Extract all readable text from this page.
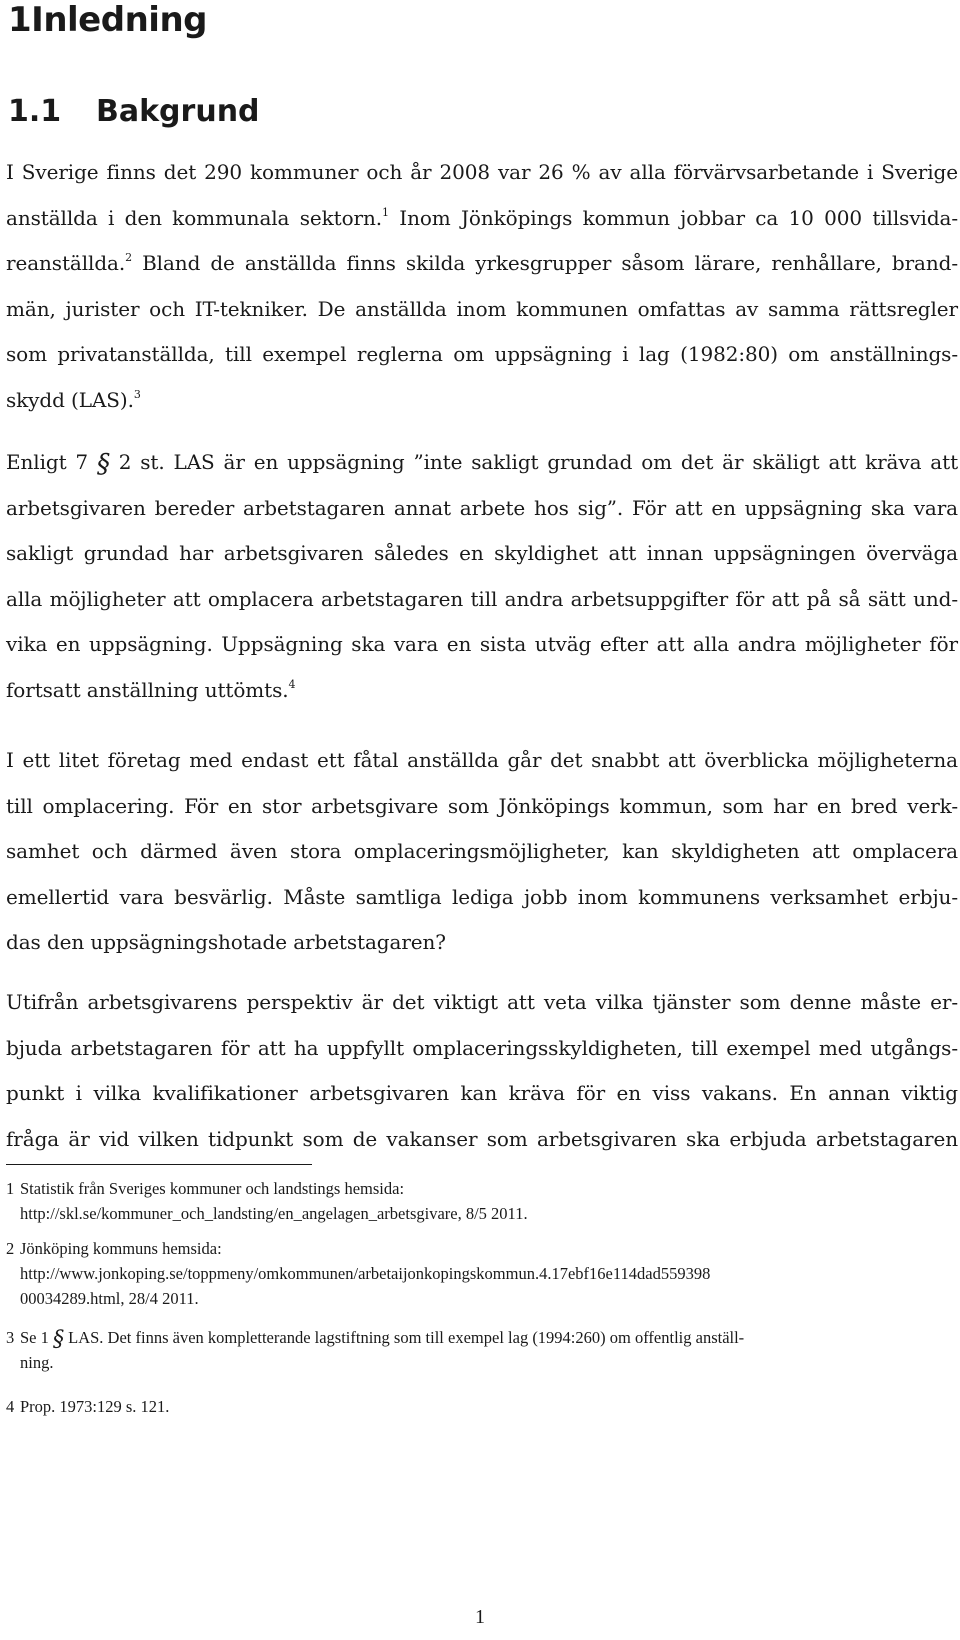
1Inledning
1.1 Bakgrund
I Sverige finns det 290 kommuner och år 2008 var 26 % av alla förvärvsarbetande i Sverige
anställda i den kommunala sektorn.$^1$ Inom Jönköpings kommun jobbar ca 10 000 tillsvida-
reanställda.$^2$ Bland de anställda finns skilda yrkesgrupper såsom lärare, renhållare, brand-
män, jurister och IT-tekniker. De anställda inom kommunen omfattas av samma rättsregler
som privatanställda, till exempel reglerna om uppsägning i lag (1982:80) om anställnings-
skydd (LAS).$^3$
Enligt 7 § 2 st. LAS är en uppsägning ”inte sakligt grundad om det är skäligt att kräva att
arbetsgivaren bereder arbetstagaren annat arbete hos sig”. För att en uppsägning ska vara
sakligt grundad har arbetsgivaren således en skyldighet att innan uppsägningen överväga
alla möjligheter att omplacera arbetstagaren till andra arbetsuppgifter för att på så sätt und-
vika en uppsägning. Uppsägning ska vara en sista utväg efter att alla andra möjligheter för
fortsatt anställning uttömts.$^4$
I ett litet företag med endast ett fåtal anställda går det snabbt att överblicka möjligheterna
till omplacering. För en stor arbetsgivare som Jönköpings kommun, som har en bred verk-
samhet och därmed även stora omplaceringsmöjligheter, kan skyldigheten att omplacera
emellertid vara besvärlig. Måste samtliga lediga jobb inom kommunens verksamhet erbju-
das den uppsägningshotade arbetstagaren?
Utifrån arbetsgivarens perspektiv är det viktigt att veta vilka tjänster som denne måste er-
bjuda arbetstagaren för att ha uppfyllt omplaceringsskyldigheten, till exempel med utgångs-
punkt i vilka kvalifikationer arbetsgivaren kan kräva för en viss vakans. En annan viktig
fråga är vid vilken tidpunkt som de vakanser som arbetsgivaren ska erbjuda arbetstagaren
1 Statistik från Sveriges kommuner och landstings hemsida:
http://skl.se/kommuner_och_landsting/en_angelagen_arbetsgivare, 8/5 2011.
2 Jönköping kommuns hemsida:
http://www.jonkoping.se/toppmeny/omkommunen/arbetaijonkopingskommun.4.17ebf16e114dad559398
00034289.html, 28/4 2011.
3 Se 1 § LAS. Det finns även kompletterande lagstiftning som till exempel lag (1994:260) om offentlig anställ-
ning.
4 Prop. 1973:129 s. 121.
1
